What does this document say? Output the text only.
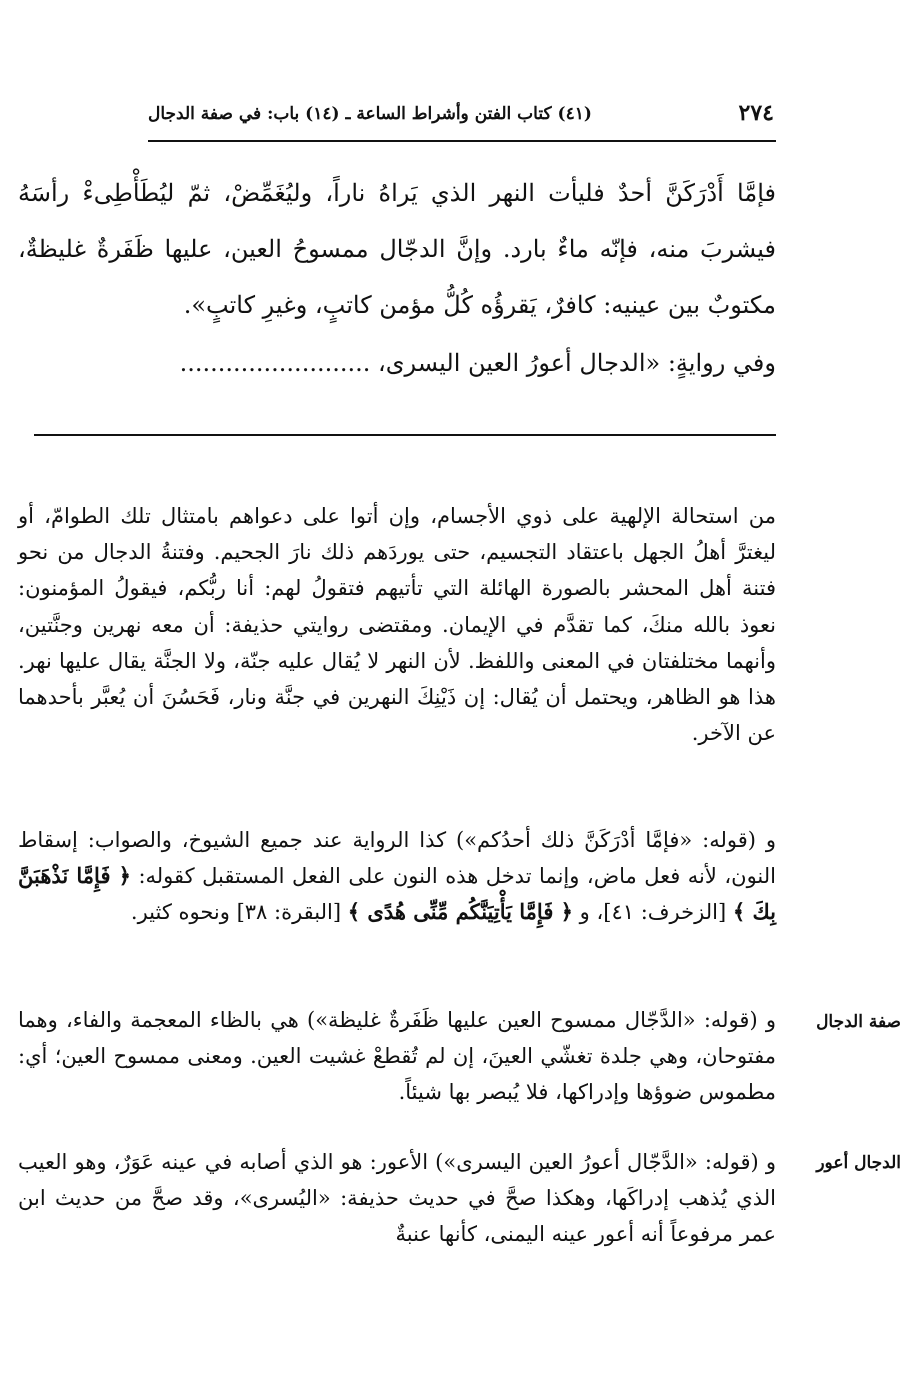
(٤١) كتاب الفتن وأشراط الساعة ـ (١٤) باب: في صفة الدجال	٢٧٤
فإمَّا أَدْرَكَنَّ أحدٌ فليأت النهر الذي يَراهُ ناراً، وليُغَمِّضْ، ثمّ ليُطَأْطِىءْ رأسَهُ فيشربَ منه، فإنّه ماءٌ بارد. وإنَّ الدجّال ممسوحُ العين، عليها ظَفَرةٌ غليظةٌ، مكتوبٌ بين عينيه: كافرٌ، يَقرؤُه كُلُّ مؤمن كاتبٍ، وغيرِ كاتبٍ».
وفي روايةٍ: «الدجال أعورُ العين اليسرى، .........................
من استحالة الإلهية على ذوي الأجسام، وإن أتوا على دعواهم بامتثال تلك الطوامّ، أو ليغترَّ أهلُ الجهل باعتقاد التجسيم، حتى يوردَهم ذلك نارَ الجحيم. وفتنةُ الدجال من نحو فتنة أهل المحشر بالصورة الهائلة التي تأتيهم فتقولُ لهم: أنا ربُّكم، فيقولُ المؤمنون: نعوذ بالله منكَ، كما تقدَّم في الإيمان. ومقتضى روايتي حذيفة: أن معه نهرين وجنَّتين، وأنهما مختلفتان في المعنى واللفظ. لأن النهر لا يُقال عليه جنّة، ولا الجنَّة يقال عليها نهر. هذا هو الظاهر، ويحتمل أن يُقال: إن ذَيْنِكَ النهرين في جنَّة ونار، فَحَسُنَ أن يُعبَّر بأحدهما عن الآخر.
و (قوله: «فإمَّا أدْرَكَنَّ ذلك أحدُكم») كذا الرواية عند جميع الشيوخ، والصواب: إسقاط النون، لأنه فعل ماض، وإنما تدخل هذه النون على الفعل المستقبل كقوله: ﴿ فَإِمَّا نَذْهَبَنَّ بِكَ ﴾ [الزخرف: ٤١]، و ﴿ فَإِمَّا يَأْتِيَنَّكُم مِّنِّى هُدًى ﴾ [البقرة: ٣٨] ونحوه كثير.
و (قوله: «الدَّجّال ممسوح العين عليها ظَفَرةٌ غليظة») هي بالظاء المعجمة والفاء، وهما مفتوحان، وهي جلدة تغشّي العينَ، إن لم تُقطعْ غشيت العين. ومعنى ممسوح العين؛ أي: مطموس ضوؤها وإدراكها، فلا يُبصر بها شيئاً.
صفة الدجال
و (قوله: «الدَّجّال أعورُ العين اليسرى») الأعور: هو الذي أصابه في عينه عَوَرٌ، وهو العيب الذي يُذهب إدراكَها، وهكذا صحَّ في حديث حذيفة: «اليُسرى»، وقد صحَّ من حديث ابن عمر مرفوعاً أنه أعور عينه اليمنى، كأنها عنبةٌ
الدجال أعور
